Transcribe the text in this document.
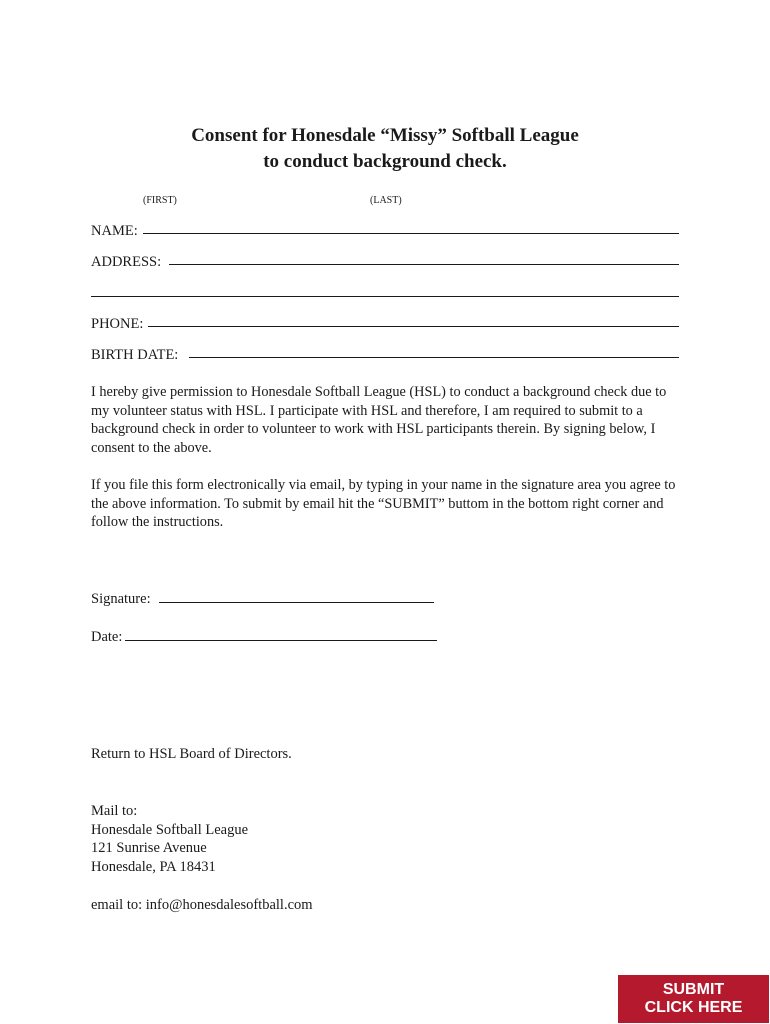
Consent for Honesdale “Missy” Softball League
to conduct background check.
(FIRST)	(LAST)
NAME:
ADDRESS:
PHONE:
BIRTH DATE:

I hereby give permission to Honesdale Softball League (HSL) to conduct a background check due to my volunteer status with HSL. I participate with HSL and therefore, I am required to submit to a background check in order to volunteer to work with HSL participants therein. By signing below, I consent to the above.

If you file this form electronically via email, by typing in your name in the signature area you agree to the above information. To submit by email hit the “SUBMIT” buttom in the bottom right corner and follow the instructions.

Signature:
Date:
Return to HSL Board of Directors.
Mail to:
Honesdale Softball League
121 Sunrise Avenue
Honesdale, PA 18431
email to: info@honesdalesoftball.com
SUBMIT
CLICK HERE
